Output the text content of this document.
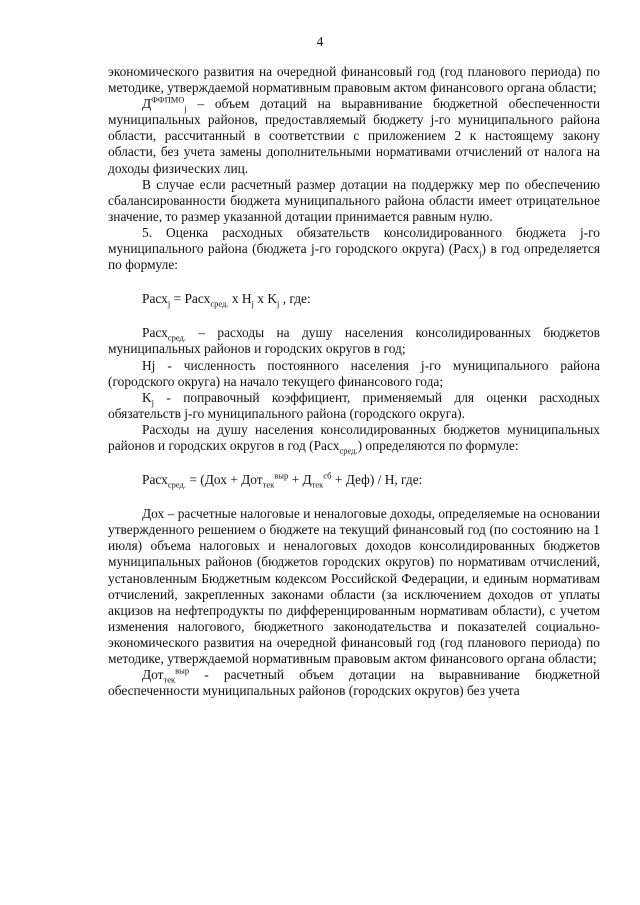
4

экономического развития на очередной финансовый год (год планового периода) по методике, утверждаемой нормативным правовым актом финансового органа области;

$Д^{ФФПМО}_j$ – объем дотаций на выравнивание бюджетной обеспеченности муниципальных районов, предоставляемый бюджету j-го муниципального района области, рассчитанный в соответствии с приложением 2 к настоящему закону области, без учета замены дополнительными нормативами отчислений от налога на доходы физических лиц.

В случае если расчетный размер дотации на поддержку мер по обеспечению сбалансированности бюджета муниципального района области имеет отрицательное значение, то размер указанной дотации принимается равным нулю.

5. Оценка расходных обязательств консолидированного бюджета j-го муниципального района (бюджета j-го городского округа) (Расх$_j$) в год определяется по формуле:

Расх$_j$ = Расх$_{сред.}$ x $H_j$ x $K_j$ , где:

Расх$_{сред.}$ – расходы на душу населения консолидированных бюджетов муниципальных районов и городских округов в год;

Нj - численность постоянного населения j-го муниципального района (городского округа) на начало текущего финансового года;

$K_j$ - поправочный коэффициент, применяемый для оценки расходных обязательств j-го муниципального района (городского округа).

Расходы на душу населения консолидированных бюджетов муниципальных районов и городских округов в год (Расх$_{сред.}$) определяются по формуле:

Расх$_{сред.}$ = $(Дох + Дот_{тек}^{выр} + Д_{тек}^{сб} + Деф) / Н$, где:

Дох – расчетные налоговые и неналоговые доходы, определяемые на основании утвержденного решением о бюджете на текущий финансовый год (по состоянию на 1 июля) объема налоговых и неналоговых доходов консолидированных бюджетов муниципальных районов (бюджетов городских округов) по нормативам отчислений, установленным Бюджетным кодексом Российской Федерации, и единым нормативам отчислений, закрепленных законами области (за исключением доходов от уплаты акцизов на нефтепродукты по дифференцированным нормативам области), с учетом изменения налогового, бюджетного законодательства и показателей социально-экономического развития на очередной финансовый год (год планового периода) по методике, утверждаемой нормативным правовым актом финансового органа области;

Дот$_{тек}^{выр}$ - расчетный объем дотации на выравнивание бюджетной обеспеченности муниципальных районов (городских округов) без учета
